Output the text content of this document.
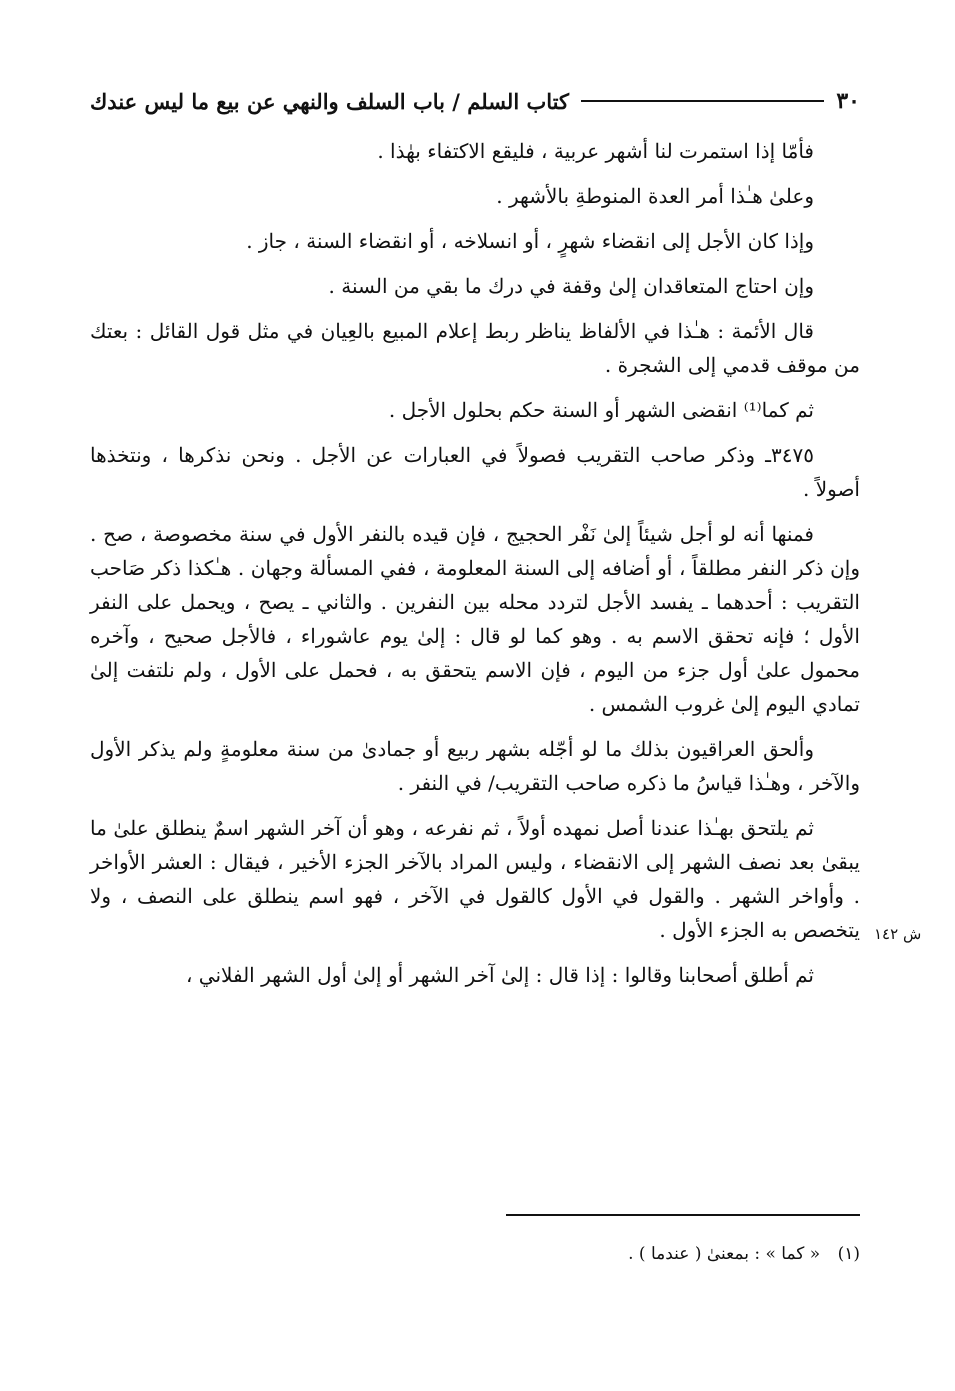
٣٠
كتاب السلم / باب السلف والنهي عن بيع ما ليس عندك

فأمّا إذا استمرت لنا أشهر عربية ، فليقع الاكتفاء بهٰذا .

وعلىٰ هـٰذا أمر العدة المنوطةِ بالأشهر .

وإذا كان الأجل إلى انقضاء شهرٍ ، أو انسلاخه ، أو انقضاء السنة ، جاز .

وإن احتاج المتعاقدان إلىٰ وقفة في درك ما بقي من السنة .

قال الأئمة : هـٰذا في الألفاظ يناظر ربط إعلام المبيع بالعِيان في مثل قول القائل : بعتك من موقف قدمي إلى الشجرة .

ثم كما⁽¹⁾ انقضى الشهر أو السنة حكم بحلول الأجل .

٣٤٧٥ـ وذكر صاحب التقريب فصولاً في العبارات عن الأجل . ونحن نذكرها ، ونتخذها أصولاً .

فمنها أنه لو أجل شيئاً إلىٰ نَفْر الحجيج ، فإن قيده بالنفر الأول في سنة مخصوصة ، صح . وإن ذكر النفر مطلقاً ، أو أضافه إلى السنة المعلومة ، ففي المسألة وجهان . هـٰكذا ذكر صَاحب التقريب : أحدهما ـ يفسد الأجل لتردد محله بين النفرين . والثاني ـ يصح ، ويحمل على النفر الأول ؛ فإنه تحقق الاسم به . وهو كما لو قال : إلىٰ يوم عاشوراء ، فالأجل صحيح ، وآخره محمول علىٰ أول جزء من اليوم ، فإن الاسم يتحقق به ، فحمل على الأول ، ولم نلتفت إلىٰ تمادي اليوم إلىٰ غروب الشمس .

وألحق العراقيون بذلك ما لو أجّله بشهر ربيع أو جمادىٰ من سنة معلومةٍ ولم يذكر الأول والآخر ، وهـٰذا قياسُ ما ذكره صاحب التقريب/ في النفر .

ثم يلتحق بهـٰذا عندنا أصل نمهده أولاً ، ثم نفرعه ، وهو أن آخر الشهر اسمٌ ينطلق علىٰ ما يبقىٰ بعد نصف الشهر إلى الانقضاء ، وليس المراد بالآخر الجزء الأخير ، فيقال : العشر الأواخر . وأواخر الشهر . والقول في الأول كالقول في الآخر ، فهو اسم ينطلق على النصف ، ولا يتخصص به الجزء الأول .

ثم أطلق أصحابنا وقالوا : إذا قال : إلىٰ آخر الشهر أو إلىٰ أول الشهر الفلاني ،

ش ١٤٢
(١) « كما » : بمعنىٰ ( عندما ) .
